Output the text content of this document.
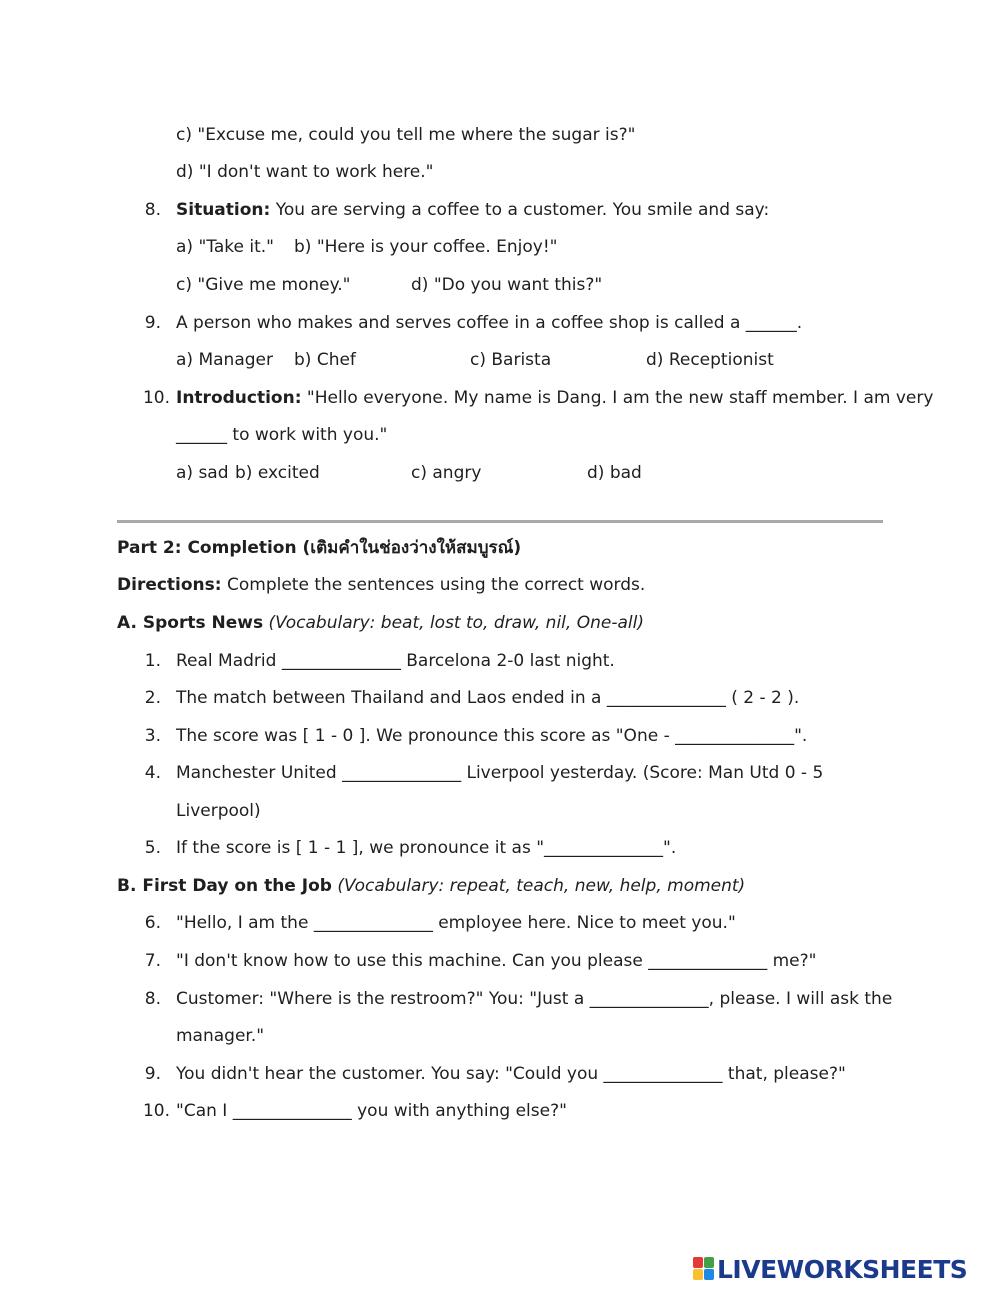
c) "Excuse me, could you tell me where the sugar is?"
d) "I don't want to work here."
8. Situation: You are serving a coffee to a customer. You smile and say:
a) "Take it." b) "Here is your coffee. Enjoy!"
c) "Give me money."	d) "Do you want this?"
9. A person who makes and serves coffee in a coffee shop is called a ______.
a) Manager b) Chef	c) Barista	d) Receptionist
10. Introduction: "Hello everyone. My name is Dang. I am the new staff member. I am very
______ to work with you."
a) sad b) excited	c) angry	d) bad
Part 2: Completion (เติมคำในช่องว่างให้สมบูรณ์)
Directions: Complete the sentences using the correct words.
A. Sports News (Vocabulary: beat, lost to, draw, nil, One-all)
1. Real Madrid ______________ Barcelona 2-0 last night.
2. The match between Thailand and Laos ended in a ______________ ( 2 - 2 ).
3. The score was [ 1 - 0 ]. We pronounce this score as "One - ______________".
4. Manchester United ______________ Liverpool yesterday. (Score: Man Utd 0 - 5
Liverpool)
5. If the score is [ 1 - 1 ], we pronounce it as "______________".
B. First Day on the Job (Vocabulary: repeat, teach, new, help, moment)
6. "Hello, I am the ______________ employee here. Nice to meet you."
7. "I don't know how to use this machine. Can you please ______________ me?"
8. Customer: "Where is the restroom?" You: "Just a ______________, please. I will ask the
manager."
9. You didn't hear the customer. You say: "Could you ______________ that, please?"
10. "Can I ______________ you with anything else?"
LIVEWORKSHEETS
